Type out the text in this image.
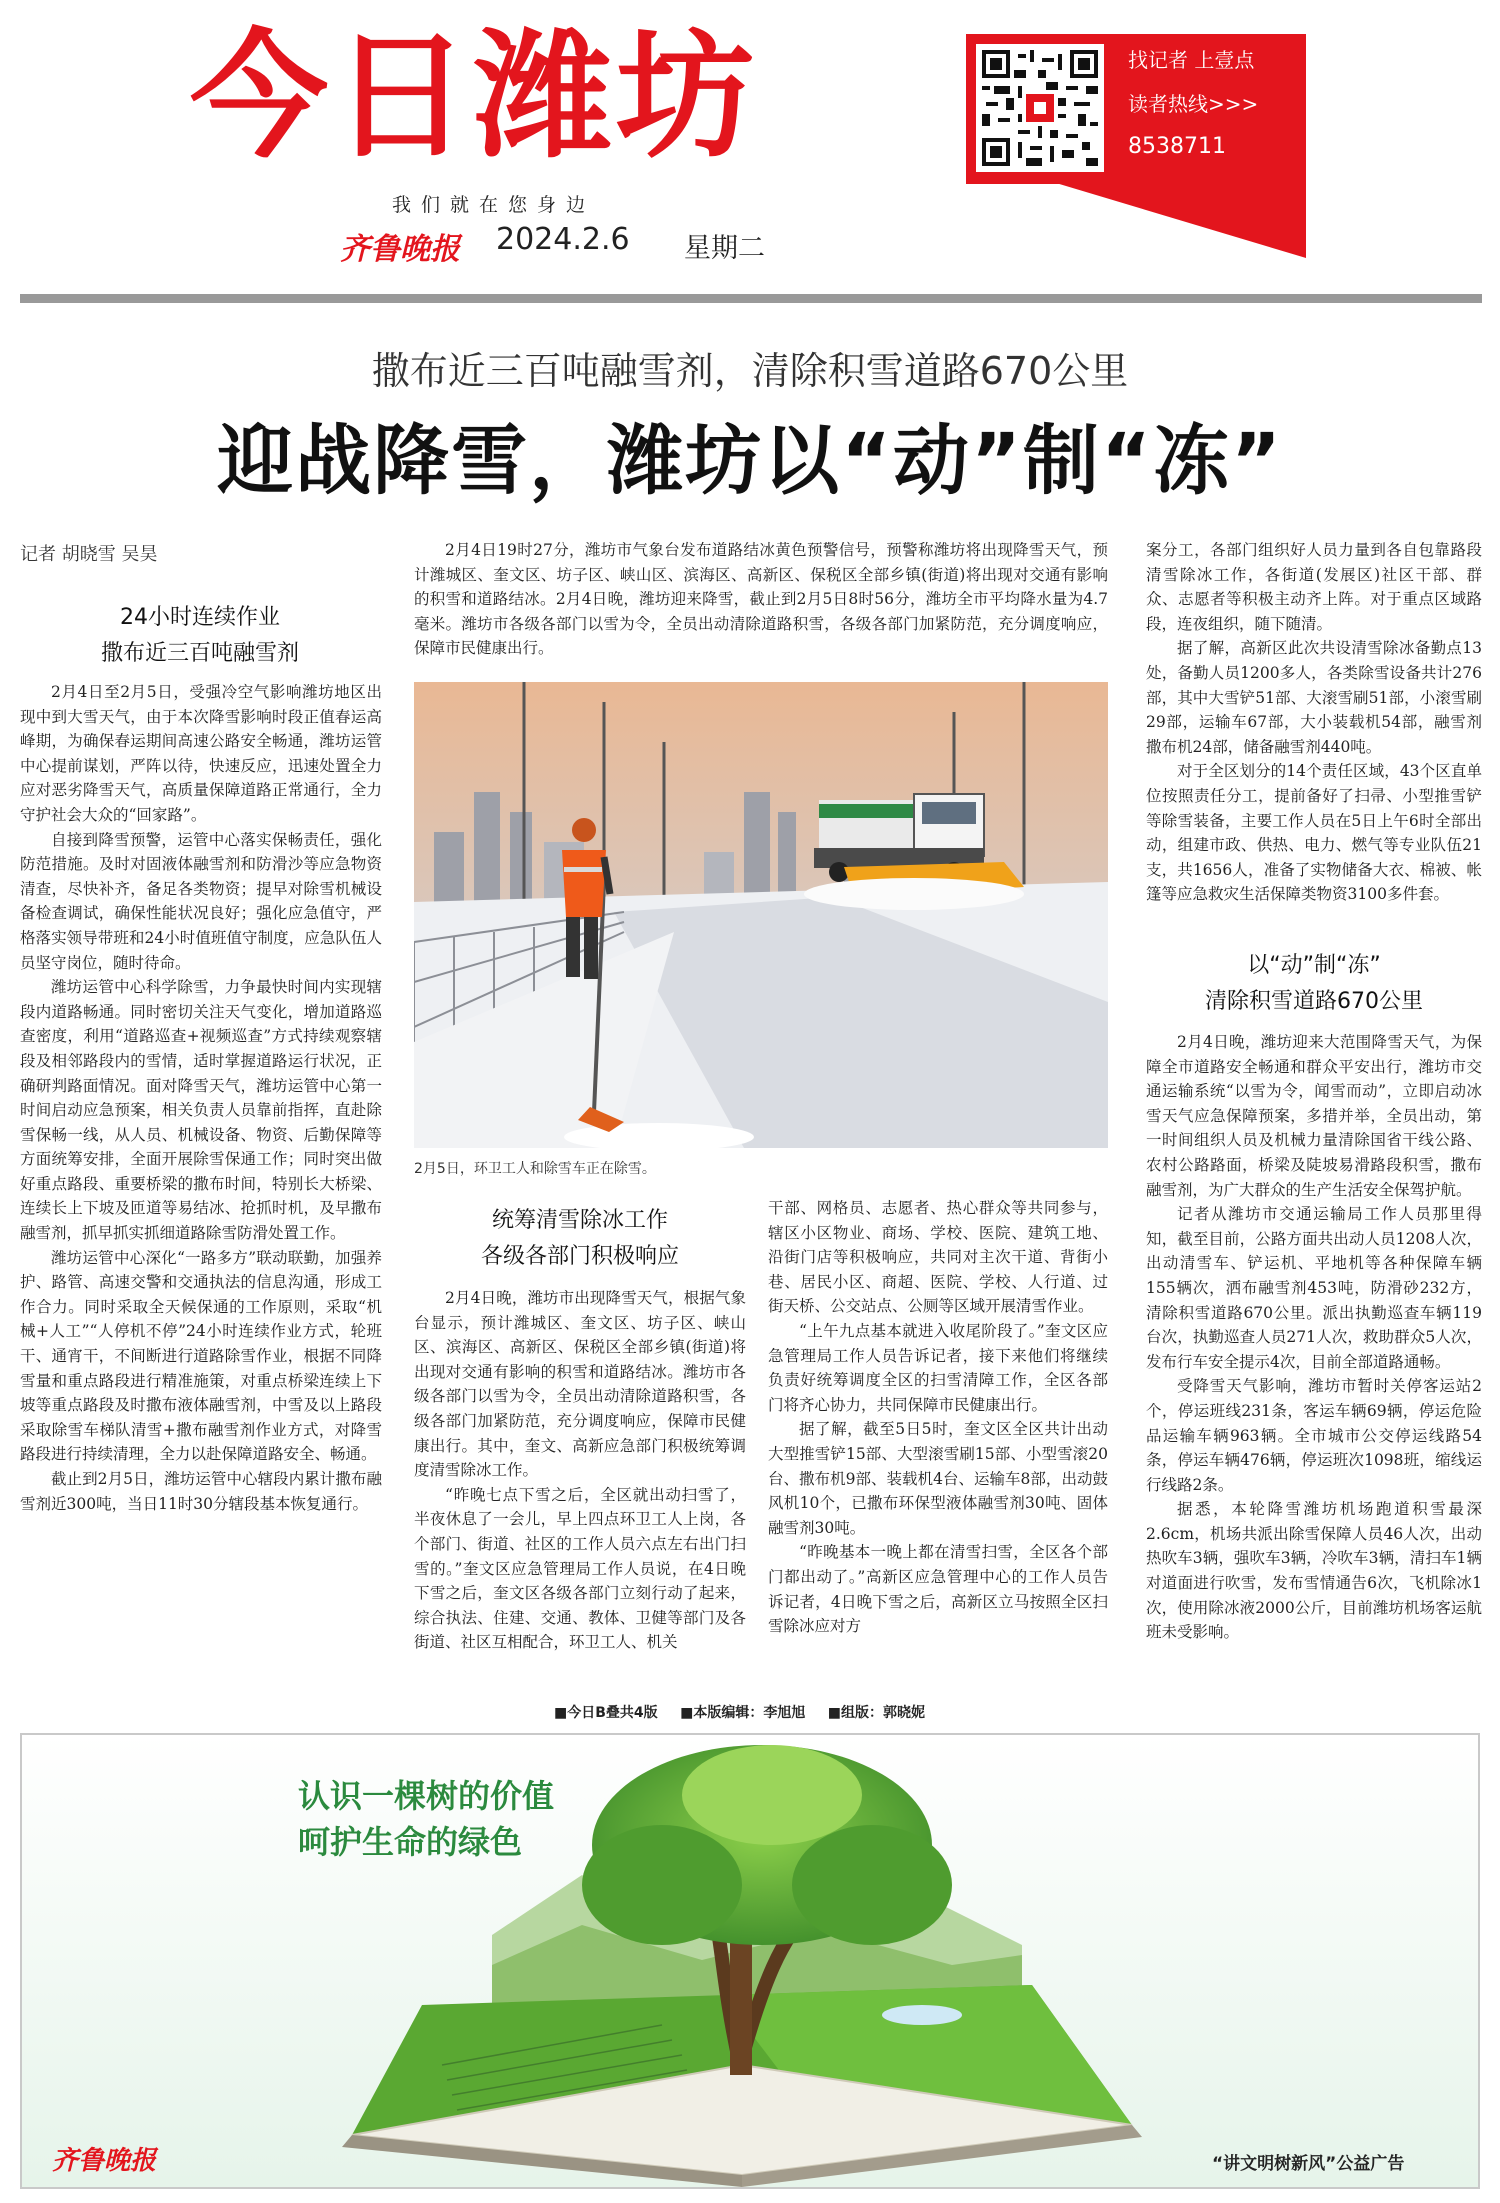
今日潍坊
我们就在您身边
齐鲁晚报 2024.2.6 星期二
找记者 上壹点
读者热线>>>
8538711
撒布近三百吨融雪剂，清除积雪道路670公里
迎战降雪，潍坊以“动”制“冻”
记者 胡晓雪 吴昊
24小时连续作业
撒布近三百吨融雪剂

2月4日至2月5日，受强冷空气影响潍坊地区出现中到大雪天气，由于本次降雪影响时段正值春运高峰期，为确保春运期间高速公路安全畅通，潍坊运管中心提前谋划，严阵以待，快速反应，迅速处置全力应对恶劣降雪天气，高质量保障道路正常通行，全力守护社会大众的“回家路”。

自接到降雪预警，运管中心落实保畅责任，强化防范措施。及时对固液体融雪剂和防滑沙等应急物资清查，尽快补齐，备足各类物资；提早对除雪机械设备检查调试，确保性能状况良好；强化应急值守，严格落实领导带班和24小时值班值守制度，应急队伍人员坚守岗位，随时待命。

潍坊运管中心科学除雪，力争最快时间内实现辖段内道路畅通。同时密切关注天气变化，增加道路巡查密度，利用“道路巡查+视频巡查”方式持续观察辖段及相邻路段内的雪情，适时掌握道路运行状况，正确研判路面情况。面对降雪天气，潍坊运管中心第一时间启动应急预案，相关负责人员靠前指挥，直赴除雪保畅一线，从人员、机械设备、物资、后勤保障等方面统筹安排，全面开展除雪保通工作；同时突出做好重点路段、重要桥梁的撒布时间，特别长大桥梁、连续长上下坡及匝道等易结冰、抢抓时机，及早撒布融雪剂，抓早抓实抓细道路除雪防滑处置工作。

潍坊运管中心深化“一路多方”联动联勤，加强养护、路管、高速交警和交通执法的信息沟通，形成工作合力。同时采取全天候保通的工作原则，采取“机械+人工”“人停机不停”24小时连续作业方式，轮班干、通宵干，不间断进行道路除雪作业，根据不同降雪量和重点路段进行精准施策，对重点桥梁连续上下坡等重点路段及时撒布液体融雪剂，中雪及以上路段采取除雪车梯队清雪+撒布融雪剂作业方式，对降雪路段进行持续清理，全力以赴保障道路安全、畅通。

截止到2月5日，潍坊运管中心辖段内累计撒布融雪剂近300吨，当日11时30分辖段基本恢复通行。

2月4日19时27分，潍坊市气象台发布道路结冰黄色预警信号，预警称潍坊将出现降雪天气，预计潍城区、奎文区、坊子区、峡山区、滨海区、高新区、保税区全部乡镇(街道)将出现对交通有影响的积雪和道路结冰。2月4日晚，潍坊迎来降雪，截止到2月5日8时56分，潍坊全市平均降水量为4.7毫米。潍坊市各级各部门以雪为令，全员出动清除道路积雪，各级各部门加紧防范，充分调度响应，保障市民健康出行。

2月5日，环卫工人和除雪车正在除雪。
统筹清雪除冰工作
各级各部门积极响应

2月4日晚，潍坊市出现降雪天气，根据气象台显示，预计潍城区、奎文区、坊子区、峡山区、滨海区、高新区、保税区全部乡镇(街道)将出现对交通有影响的积雪和道路结冰。潍坊市各级各部门以雪为令，全员出动清除道路积雪，各级各部门加紧防范，充分调度响应，保障市民健康出行。其中，奎文、高新应急部门积极统筹调度清雪除冰工作。

“昨晚七点下雪之后，全区就出动扫雪了，半夜休息了一会儿，早上四点环卫工人上岗，各个部门、街道、社区的工作人员六点左右出门扫雪的。”奎文区应急管理局工作人员说，在4日晚下雪之后，奎文区各级各部门立刻行动了起来，综合执法、住建、交通、教体、卫健等部门及各街道、社区互相配合，环卫工人、机关

干部、网格员、志愿者、热心群众等共同参与，辖区小区物业、商场、学校、医院、建筑工地、沿街门店等积极响应，共同对主次干道、背街小巷、居民小区、商超、医院、学校、人行道、过街天桥、公交站点、公厕等区域开展清雪作业。

“上午九点基本就进入收尾阶段了。”奎文区应急管理局工作人员告诉记者，接下来他们将继续负责好统筹调度全区的扫雪清障工作，全区各部门将齐心协力，共同保障市民健康出行。

据了解，截至5日5时，奎文区全区共计出动大型推雪铲15部、大型滚雪刷15部、小型雪滚20台、撒布机9部、装载机4台、运输车8部，出动鼓风机10个，已撒布环保型液体融雪剂30吨、固体融雪剂30吨。

“昨晚基本一晚上都在清雪扫雪，全区各个部门都出动了。”高新区应急管理中心的工作人员告诉记者，4日晚下雪之后，高新区立马按照全区扫雪除冰应对方

案分工，各部门组织好人员力量到各自包靠路段清雪除冰工作，各街道(发展区)社区干部、群众、志愿者等积极主动齐上阵。对于重点区域路段，连夜组织，随下随清。

据了解，高新区此次共设清雪除冰备勤点13处，备勤人员1200多人，各类除雪设备共计276部，其中大雪铲51部、大滚雪刷51部，小滚雪刷29部，运输车67部，大小装载机54部，融雪剂撒布机24部，储备融雪剂440吨。

对于全区划分的14个责任区域，43个区直单位按照责任分工，提前备好了扫帚、小型推雪铲等除雪装备，主要工作人员在5日上午6时全部出动，组建市政、供热、电力、燃气等专业队伍21支，共1656人，准备了实物储备大衣、棉被、帐篷等应急救灾生活保障类物资3100多件套。

以“动”制“冻”
清除积雪道路670公里

2月4日晚，潍坊迎来大范围降雪天气，为保障全市道路安全畅通和群众平安出行，潍坊市交通运输系统“以雪为令，闻雪而动”，立即启动冰雪天气应急保障预案，多措并举，全员出动，第一时间组织人员及机械力量清除国省干线公路、农村公路路面，桥梁及陡坡易滑路段积雪，撒布融雪剂，为广大群众的生产生活安全保驾护航。

记者从潍坊市交通运输局工作人员那里得知，截至目前，公路方面共出动人员1208人次，出动清雪车、铲运机、平地机等各种保障车辆155辆次，洒布融雪剂453吨，防滑砂232方，清除积雪道路670公里。派出执勤巡查车辆119台次，执勤巡查人员271人次，救助群众5人次，发布行车安全提示4次，目前全部道路通畅。

受降雪天气影响，潍坊市暂时关停客运站2个，停运班线231条，客运车辆69辆，停运危险品运输车辆963辆。全市城市公交停运线路54条，停运车辆476辆，停运班次1098班，缩线运行线路2条。

据悉，本轮降雪潍坊机场跑道积雪最深2.6cm，机场共派出除雪保障人员46人次，出动热吹车3辆，强吹车3辆，冷吹车3辆，清扫车1辆对道面进行吹雪，发布雪情通告6次，飞机除冰1次，使用除冰液2000公斤，目前潍坊机场客运航班未受影响。

■今日B叠共4版 ■本版编辑：李旭旭 ■组版：郭晓妮
认识一棵树的价值
呵护生命的绿色
齐鲁晚报	“讲文明树新风”公益广告
